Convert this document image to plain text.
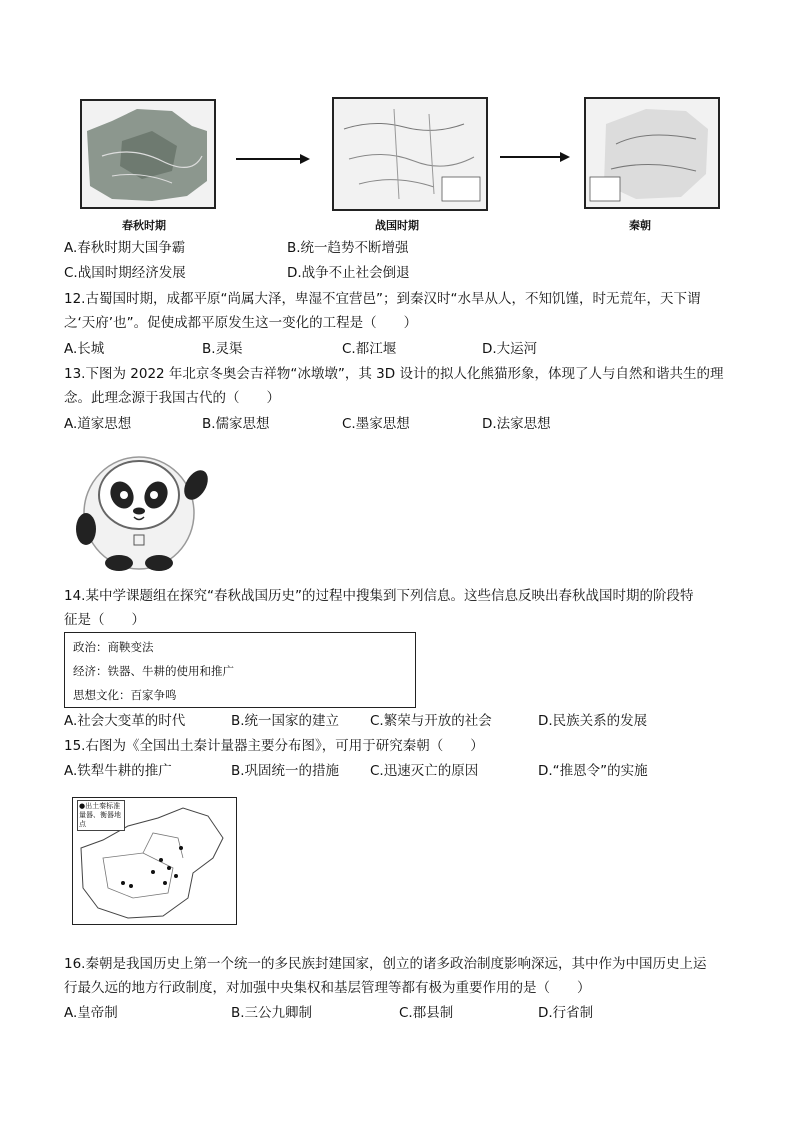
春秋时期	战国时期	秦朝
A.春秋时期大国争霸	B.统一趋势不断增强
C.战国时期经济发展	D.战争不止社会倒退
12.古蜀国时期，成都平原“尚属大泽，卑湿不宜营邑”；到秦汉时“水旱从人，不知饥馑，时无荒年，天下谓
之‘天府’也”。促使成都平原发生这一变化的工程是（　　）
A.长城	B.灵渠	C.都江堰	D.大运河
13.下图为 2022 年北京冬奥会吉祥物“冰墩墩”，其 3D 设计的拟人化熊猫形象，体现了人与自然和谐共生的理
念。此理念源于我国古代的（　　）
A.道家思想	B.儒家思想	C.墨家思想	D.法家思想
14.某中学课题组在探究“春秋战国历史”的过程中搜集到下列信息。这些信息反映出春秋战国时期的阶段特
征是（　　）
政治：商鞅变法
经济：铁器、牛耕的使用和推广
思想文化：百家争鸣
A.社会大变革的时代	B.统一国家的建立 C.繁荣与开放的社会	D.民族关系的发展
15.右图为《全国出土秦计量器主要分布图》，可用于研究秦朝（　　）
A.铁犁牛耕的推广	B.巩固统一的措施 C.迅速灭亡的原因	D.“推恩令”的实施
●出土秦标准量器、衡器地点
16.秦朝是我国历史上第一个统一的多民族封建国家，创立的诸多政治制度影响深远，其中作为中国历史上运
行最久远的地方行政制度，对加强中央集权和基层管理等都有极为重要作用的是（　　）
A.皇帝制	B.三公九卿制	C.郡县制	D.行省制
